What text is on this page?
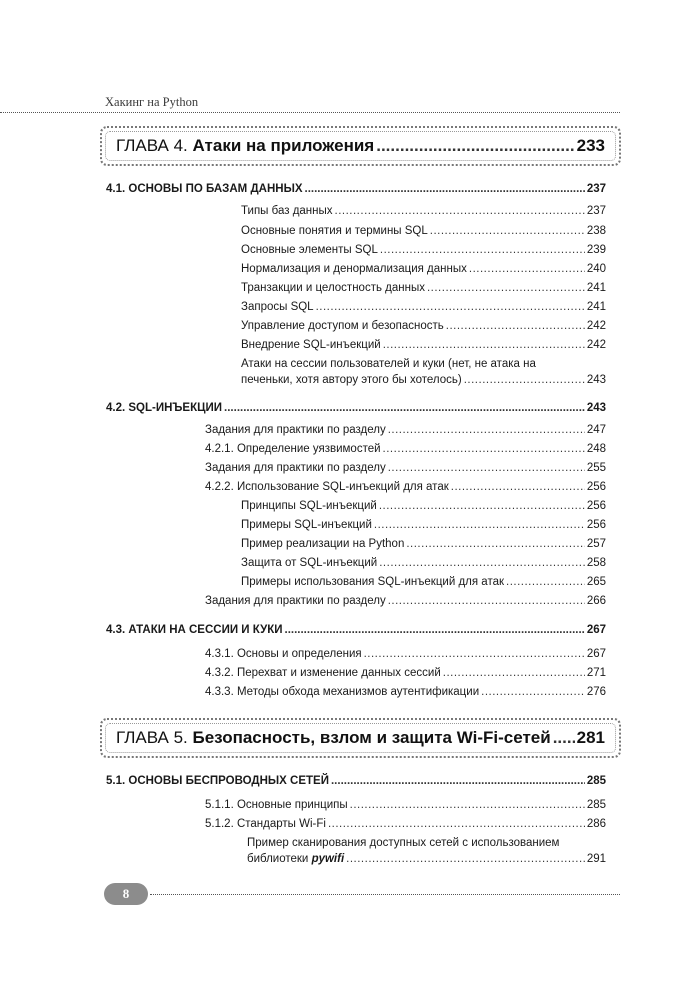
Хакинг на Python
ГЛАВА 4.
Атаки на приложения .....	233
4.1. ОСНОВЫ ПО БАЗАМ ДАННЫХ .....	237
Типы баз данных .....	237
Основные понятия и термины SQL .....	238
Основные элементы SQL .....	239
Нормализация и денормализация данных .....	240
Транзакции и целостность данных .....	241
Запросы SQL .....	241
Управление доступом и безопасность .....	242
Внедрение SQL-инъекций .....	242
Атаки на сессии пользователей и куки (нет, не атака на
печеньки, хотя автору этого бы хотелось) .....	243
4.2. SQL-ИНЪЕКЦИИ .....	243
Задания для практики по разделу .....	247
4.2.1. Определение уязвимостей .....	248
Задания для практики по разделу .....	255
4.2.2. Использование SQL-инъекций для атак .....	256
Принципы SQL-инъекций .....	256
Примеры SQL-инъекций .....	256
Пример реализации на Python .....	257
Защита от SQL-инъекций .....	258
Примеры использования SQL-инъекций для атак .....	265
Задания для практики по разделу .....	266
4.3. АТАКИ НА СЕССИИ И КУКИ .....	267
4.3.1. Основы и определения .....	267
4.3.2. Перехват и изменение данных сессий .....	271
4.3.3. Методы обхода механизмов аутентификации .....	276
ГЛАВА 5.
Безопасность, взлом и защита Wi-Fi-сетей ..... 281
5.1. ОСНОВЫ БЕСПРОВОДНЫХ СЕТЕЙ .....	285
5.1.1. Основные принципы .....	285
5.1.2. Стандарты Wi-Fi .....	286
Пример сканирования доступных сетей с использованием
библиотеки
pywifi .....	291
8
